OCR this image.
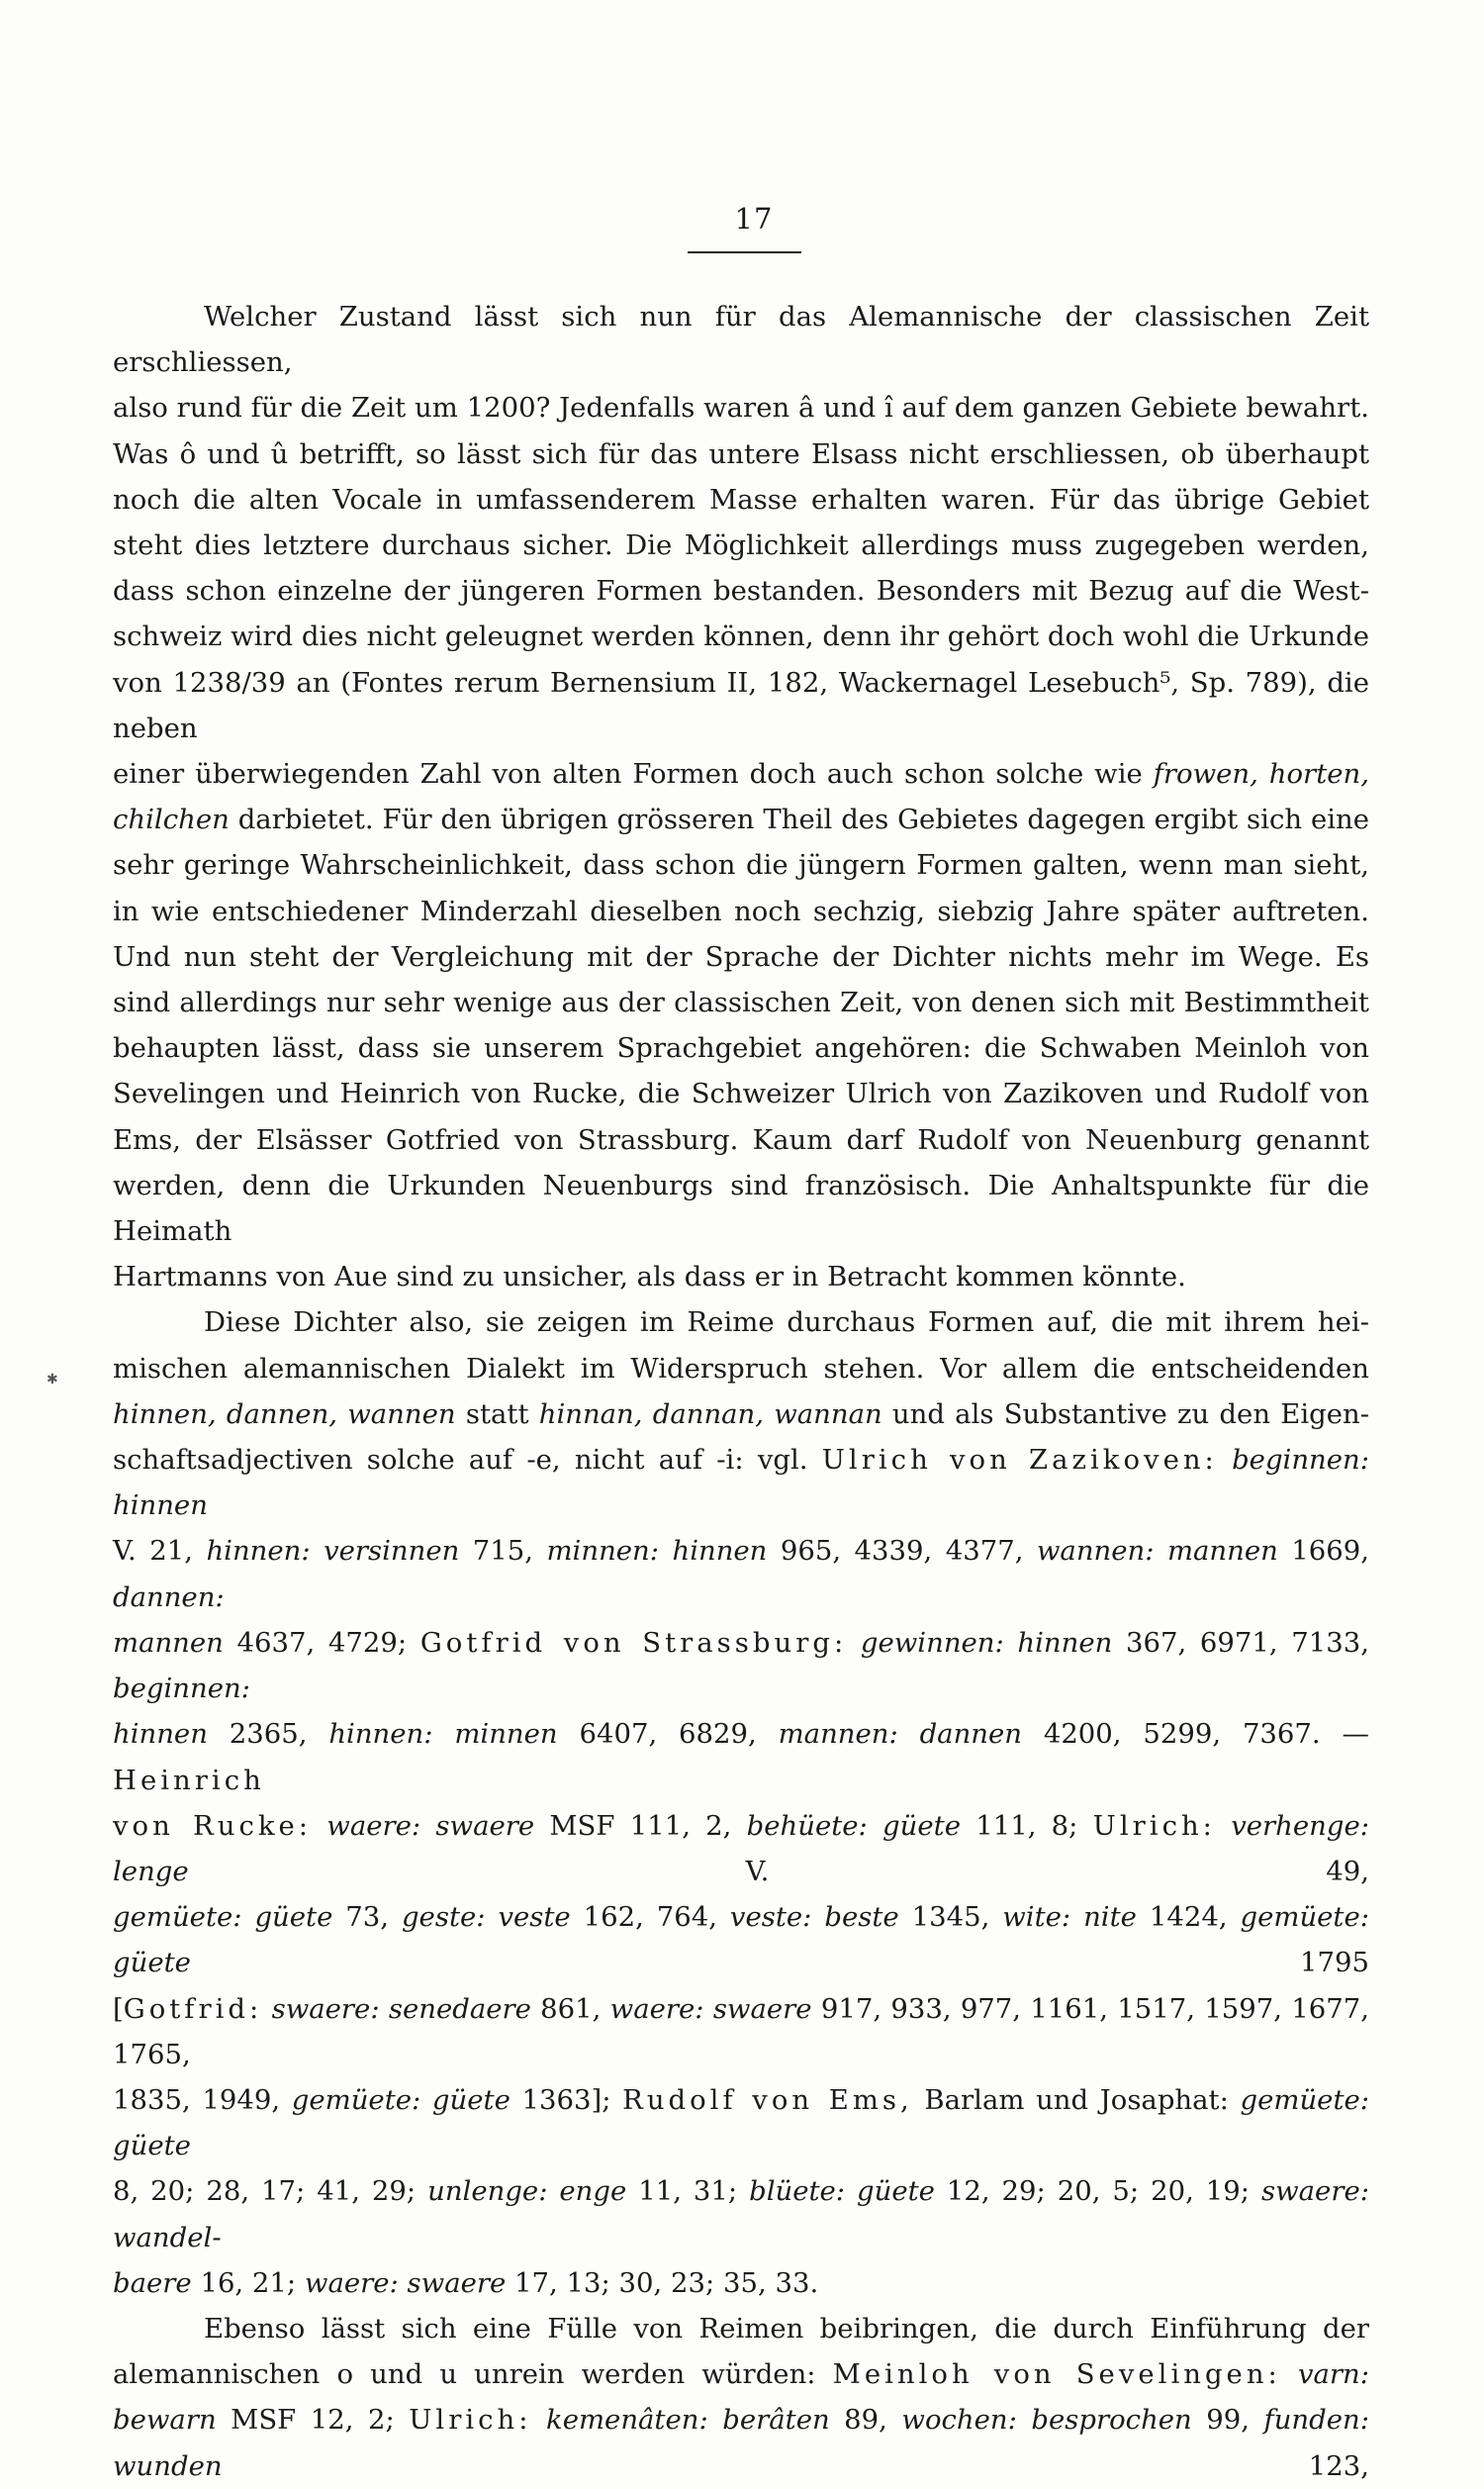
17
Welcher Zustand lässt sich nun für das Alemannische der classischen Zeit erschliessen,
also rund für die Zeit um 1200? Jedenfalls waren â und î auf dem ganzen Gebiete bewahrt.
Was ô und û betrifft, so lässt sich für das untere Elsass nicht erschliessen, ob überhaupt
noch die alten Vocale in umfassenderem Masse erhalten waren. Für das übrige Gebiet
steht dies letztere durchaus sicher. Die Möglichkeit allerdings muss zugegeben werden,
dass schon einzelne der jüngeren Formen bestanden. Besonders mit Bezug auf die West-
schweiz wird dies nicht geleugnet werden können, denn ihr gehört doch wohl die Urkunde
von 1238/39 an (Fontes rerum Bernensium II, 182, Wackernagel Lesebuch⁵, Sp. 789), die neben
einer überwiegenden Zahl von alten Formen doch auch schon solche wie frowen, horten,
chilchen darbietet. Für den übrigen grösseren Theil des Gebietes dagegen ergibt sich eine
sehr geringe Wahrscheinlichkeit, dass schon die jüngern Formen galten, wenn man sieht,
in wie entschiedener Minderzahl dieselben noch sechzig, siebzig Jahre später auftreten.
Und nun steht der Vergleichung mit der Sprache der Dichter nichts mehr im Wege. Es
sind allerdings nur sehr wenige aus der classischen Zeit, von denen sich mit Bestimmtheit
behaupten lässt, dass sie unserem Sprachgebiet angehören: die Schwaben Meinloh von
Sevelingen und Heinrich von Rucke, die Schweizer Ulrich von Zazikoven und Rudolf von
Ems, der Elsässer Gotfried von Strassburg. Kaum darf Rudolf von Neuenburg genannt
werden, denn die Urkunden Neuenburgs sind französisch. Die Anhaltspunkte für die Heimath
Hartmanns von Aue sind zu unsicher, als dass er in Betracht kommen könnte.
Diese Dichter also, sie zeigen im Reime durchaus Formen auf, die mit ihrem hei-
mischen alemannischen Dialekt im Widerspruch stehen. Vor allem die entscheidenden
hinnen, dannen, wannen statt hinnan, dannan, wannan und als Substantive zu den Eigen-
schaftsadjectiven solche auf -e, nicht auf -i: vgl. Ulrich von Zazikoven: beginnen: hinnen
V. 21, hinnen: versinnen 715, minnen: hinnen 965, 4339, 4377, wannen: mannen 1669, dannen:
mannen 4637, 4729; Gotfrid von Strassburg: gewinnen: hinnen 367, 6971, 7133, beginnen:
hinnen 2365, hinnen: minnen 6407, 6829, mannen: dannen 4200, 5299, 7367. — Heinrich
von Rucke: waere: swaere MSF 111, 2, behüete: güete 111, 8; Ulrich: verhenge: lenge V. 49,
gemüete: güete 73, geste: veste 162, 764, veste: beste 1345, wite: nite 1424, gemüete: güete 1795
[Gotfrid: swaere: senedaere 861, waere: swaere 917, 933, 977, 1161, 1517, 1597, 1677, 1765,
1835, 1949, gemüete: güete 1363]; Rudolf von Ems, Barlam und Josaphat: gemüete: güete
8, 20; 28, 17; 41, 29; unlenge: enge 11, 31; blüete: güete 12, 29; 20, 5; 20, 19; swaere: wandel-
baere 16, 21; waere: swaere 17, 13; 30, 23; 35, 33.
Ebenso lässt sich eine Fülle von Reimen beibringen, die durch Einführung der
alemannischen o und u unrein werden würden: Meinloh von Sevelingen: varn:
bewarn MSF 12, 2; Ulrich: kemenâten: berâten 89, wochen: besprochen 99, funden: wunden 123,
✱
